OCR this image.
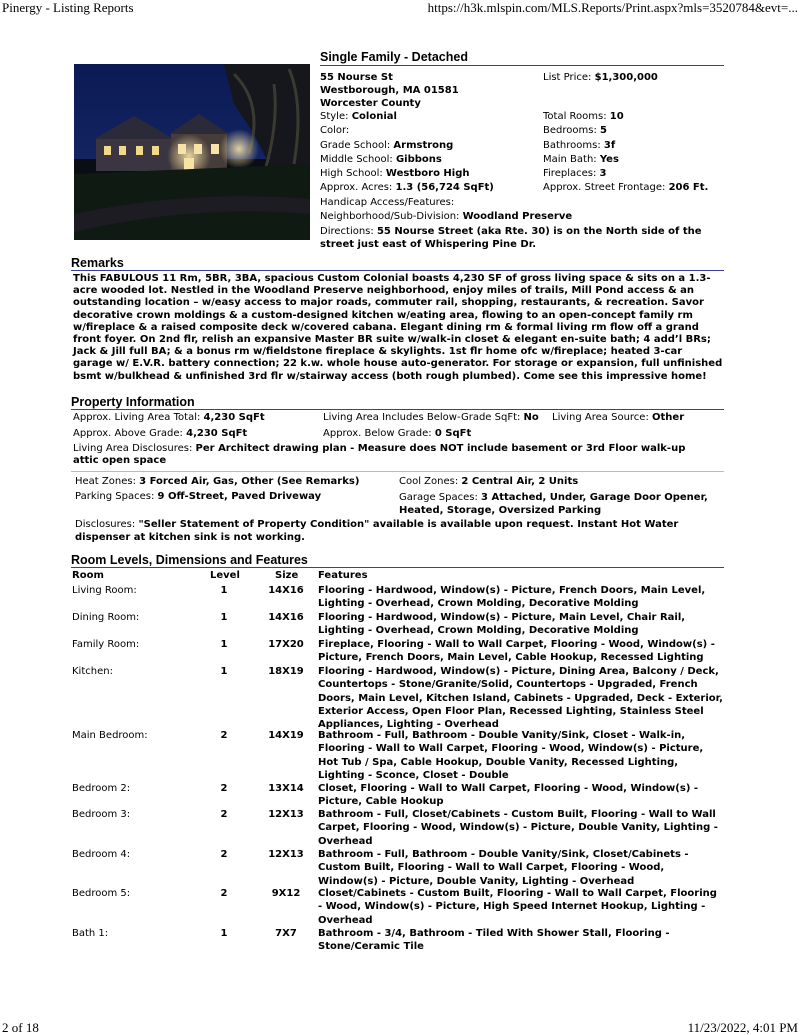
Pinergy - Listing Reports	https://h3k.mlspin.com/MLS.Reports/Print.aspx?mls=3520784&evt=...
Single Family - Detached
55 Nourse St
Westborough, MA 01581
Worcester County
List Price: $1,300,000
Style: Colonial
Color:
Grade School: Armstrong
Middle School: Gibbons
High School: Westboro High
Approx. Acres: 1.3 (56,724 SqFt)
Handicap Access/Features:
Total Rooms: 10
Bedrooms: 5
Bathrooms: 3f
Main Bath: Yes
Fireplaces: 3
Approx. Street Frontage: 206 Ft.
Neighborhood/Sub-Division: Woodland Preserve
Directions: 55 Nourse Street (aka Rte. 30) is on the North side of the street just east of Whispering Pine Dr.
Remarks
This FABULOUS 11 Rm, 5BR, 3BA, spacious Custom Colonial boasts 4,230 SF of gross living space & sits on a 1.3-acre wooded lot. Nestled in the Woodland Preserve neighborhood, enjoy miles of trails, Mill Pond access & an outstanding location – w/easy access to major roads, commuter rail, shopping, restaurants, & recreation. Savor decorative crown moldings & a custom-designed kitchen w/eating area, flowing to an open-concept family rm w/fireplace & a raised composite deck w/covered cabana. Elegant dining rm & formal living rm flow off a grand front foyer. On 2nd flr, relish an expansive Master BR suite w/walk-in closet & elegant en-suite bath; 4 add’l BRs; Jack & Jill full BA; & a bonus rm w/fieldstone fireplace & skylights. 1st flr home ofc w/fireplace; heated 3-car garage w/ E.V.R. battery connection; 22 k.w. whole house auto-generator. For storage or expansion, full unfinished bsmt w/bulkhead & unfinished 3rd flr w/stairway access (both rough plumbed). Come see this impressive home!
Property Information
Approx. Living Area Total: 4,230 SqFt	Living Area Includes Below-Grade SqFt: No Living Area Source: Other
Approx. Above Grade: 4,230 SqFt	Approx. Below Grade: 0 SqFt
Living Area Disclosures: Per Architect drawing plan - Measure does NOT include basement or 3rd Floor walk-up attic open space
Heat Zones: 3 Forced Air, Gas, Other (See Remarks)	Cool Zones: 2 Central Air, 2 Units
Parking Spaces: 9 Off-Street, Paved Driveway	Garage Spaces: 3 Attached, Under, Garage Door Opener, Heated, Storage, Oversized Parking
Disclosures: "Seller Statement of Property Condition" available is available upon request. Instant Hot Water dispenser at kitchen sink is not working.
Room Levels, Dimensions and Features
Room	Level	Size Features
Living Room:	1	14X16 Flooring - Hardwood, Window(s) - Picture, French Doors, Main Level, Lighting - Overhead, Crown Molding, Decorative Molding
Dining Room:	1	14X16 Flooring - Hardwood, Window(s) - Picture, Main Level, Chair Rail, Lighting - Overhead, Crown Molding, Decorative Molding
Family Room:	1	17X20 Fireplace, Flooring - Wall to Wall Carpet, Flooring - Wood, Window(s) - Picture, French Doors, Main Level, Cable Hookup, Recessed Lighting
Kitchen:	1	18X19 Flooring - Hardwood, Window(s) - Picture, Dining Area, Balcony / Deck, Countertops - Stone/Granite/Solid, Countertops - Upgraded, French Doors, Main Level, Kitchen Island, Cabinets - Upgraded, Deck - Exterior, Exterior Access, Open Floor Plan, Recessed Lighting, Stainless Steel Appliances, Lighting - Overhead
Main Bedroom:	2	14X19 Bathroom - Full, Bathroom - Double Vanity/Sink, Closet - Walk-in, Flooring - Wall to Wall Carpet, Flooring - Wood, Window(s) - Picture, Hot Tub / Spa, Cable Hookup, Double Vanity, Recessed Lighting, Lighting - Sconce, Closet - Double
Bedroom 2:	2	13X14 Closet, Flooring - Wall to Wall Carpet, Flooring - Wood, Window(s) - Picture, Cable Hookup
Bedroom 3:	2	12X13 Bathroom - Full, Closet/Cabinets - Custom Built, Flooring - Wall to Wall Carpet, Flooring - Wood, Window(s) - Picture, Double Vanity, Lighting - Overhead
Bedroom 4:	2	12X13 Bathroom - Full, Bathroom - Double Vanity/Sink, Closet/Cabinets - Custom Built, Flooring - Wall to Wall Carpet, Flooring - Wood, Window(s) - Picture, Double Vanity, Lighting - Overhead
Bedroom 5:	2	9X12	Closet/Cabinets - Custom Built, Flooring - Wall to Wall Carpet, Flooring - Wood, Window(s) - Picture, High Speed Internet Hookup, Lighting - Overhead
Bath 1:	1	7X7	Bathroom - 3/4, Bathroom - Tiled With Shower Stall, Flooring - Stone/Ceramic Tile
2 of 18	11/23/2022, 4:01 PM
